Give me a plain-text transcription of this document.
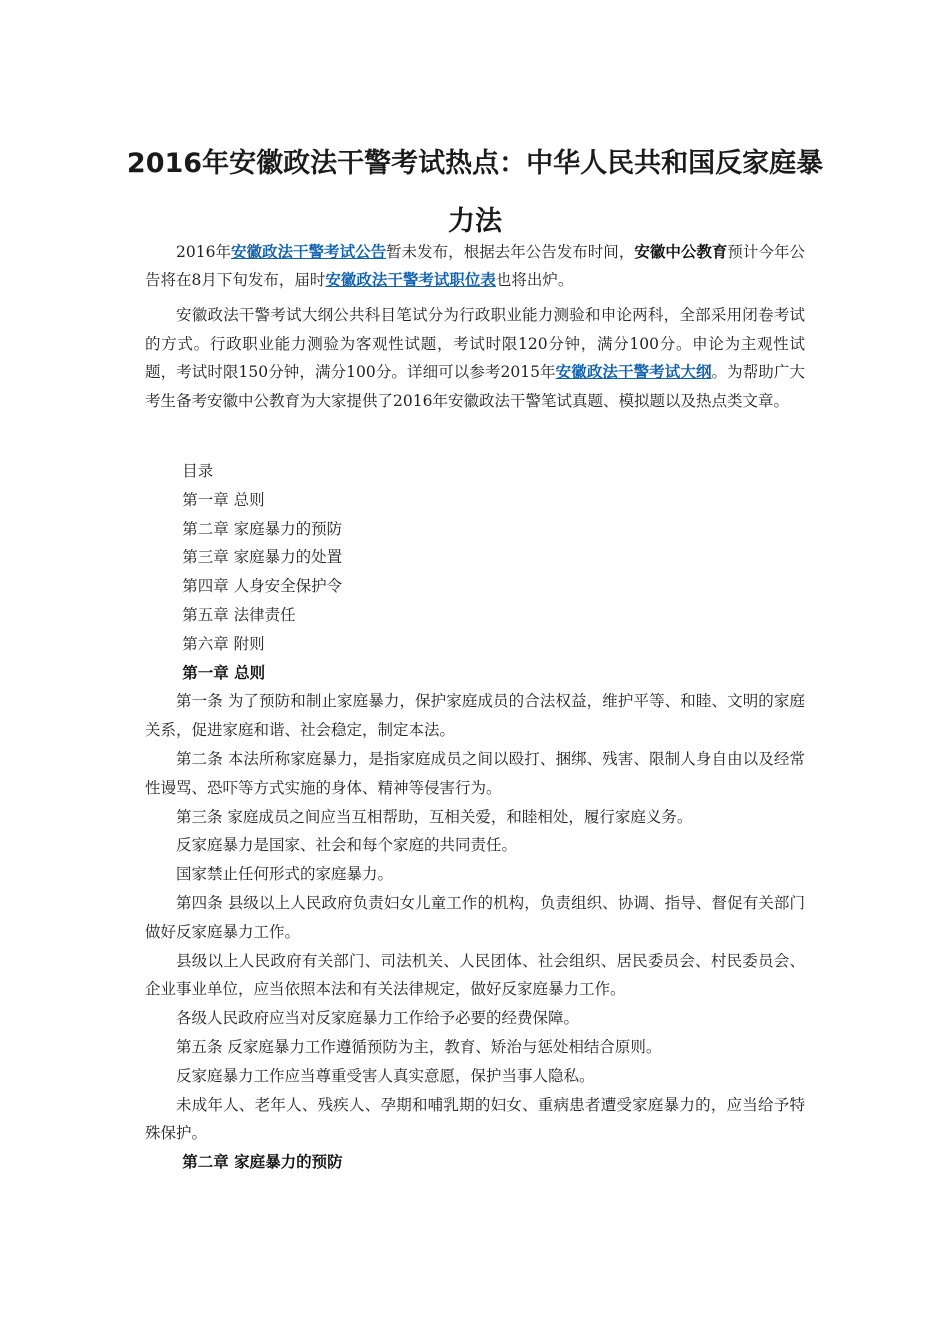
2016年安徽政法干警考试热点：中华人民共和国反家庭暴力法

2016年安徽政法干警考试公告暂未发布，根据去年公告发布时间，安徽中公教育预计今年公告将在8月下旬发布，届时安徽政法干警考试职位表也将出炉。

安徽政法干警考试大纲公共科目笔试分为行政职业能力测验和申论两科，全部采用闭卷考试的方式。行政职业能力测验为客观性试题，考试时限120分钟，满分100分。申论为主观性试题，考试时限150分钟，满分100分。详细可以参考2015年安徽政法干警考试大纲。为帮助广大考生备考安徽中公教育为大家提供了2016年安徽政法干警笔试真题、模拟题以及热点类文章。

目录

第一章 总则

第二章 家庭暴力的预防

第三章 家庭暴力的处置

第四章 人身安全保护令

第五章 法律责任

第六章 附则

第一章 总则

第一条 为了预防和制止家庭暴力，保护家庭成员的合法权益，维护平等、和睦、文明的家庭关系，促进家庭和谐、社会稳定，制定本法。

第二条 本法所称家庭暴力，是指家庭成员之间以殴打、捆绑、残害、限制人身自由以及经常性谩骂、恐吓等方式实施的身体、精神等侵害行为。

第三条 家庭成员之间应当互相帮助，互相关爱，和睦相处，履行家庭义务。

反家庭暴力是国家、社会和每个家庭的共同责任。

国家禁止任何形式的家庭暴力。

第四条 县级以上人民政府负责妇女儿童工作的机构，负责组织、协调、指导、督促有关部门做好反家庭暴力工作。

县级以上人民政府有关部门、司法机关、人民团体、社会组织、居民委员会、村民委员会、企业事业单位，应当依照本法和有关法律规定，做好反家庭暴力工作。

各级人民政府应当对反家庭暴力工作给予必要的经费保障。

第五条 反家庭暴力工作遵循预防为主，教育、矫治与惩处相结合原则。

反家庭暴力工作应当尊重受害人真实意愿，保护当事人隐私。

未成年人、老年人、残疾人、孕期和哺乳期的妇女、重病患者遭受家庭暴力的，应当给予特殊保护。

第二章 家庭暴力的预防
